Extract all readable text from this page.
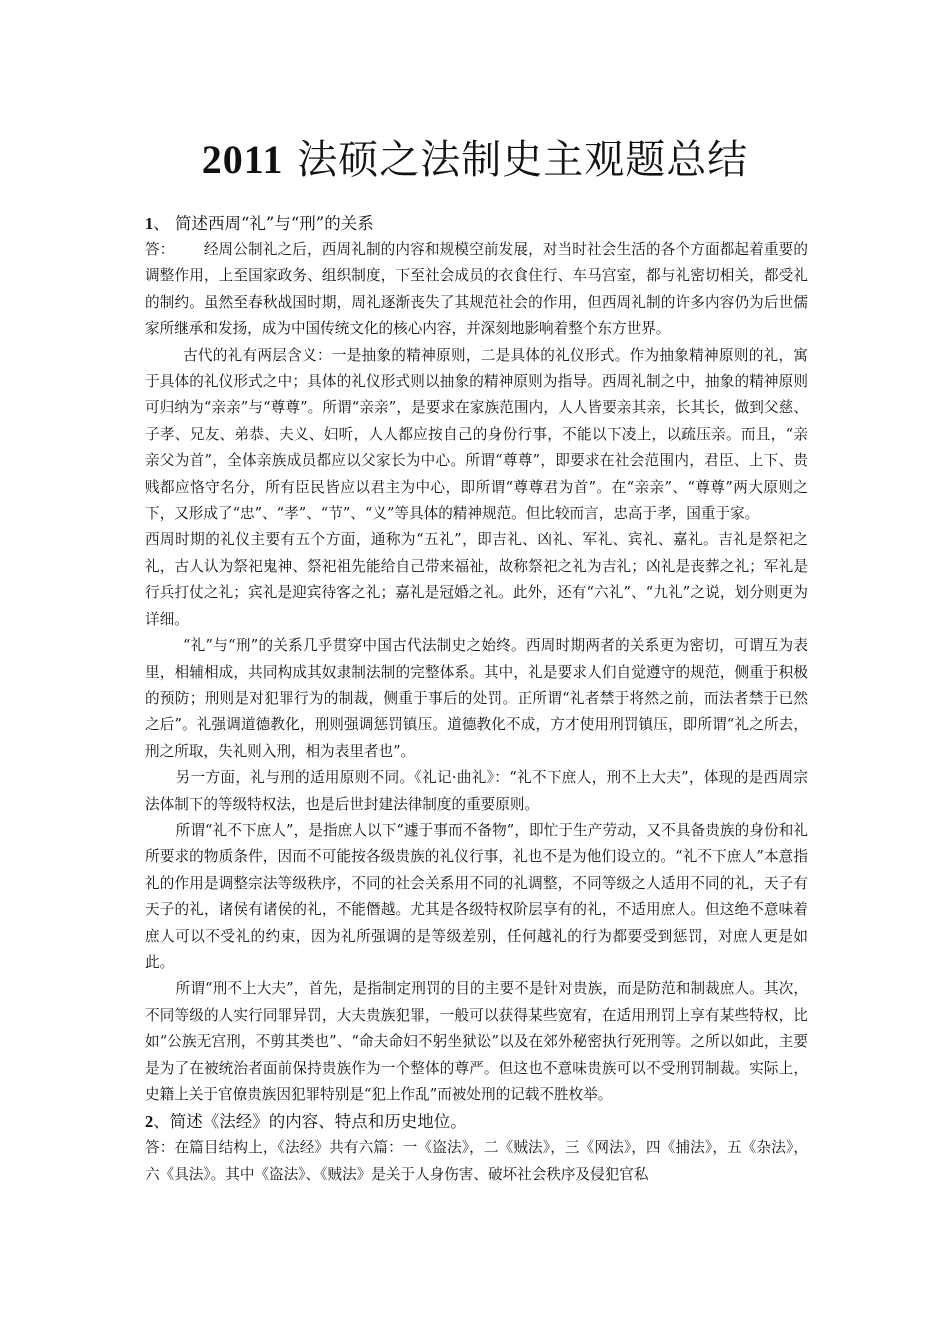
2011 法硕之法制史主观题总结

1、 简述西周“礼”与“刑”的关系

答： 经周公制礼之后，西周礼制的内容和规模空前发展，对当时社会生活的各个方面都起着重要的调整作用，上至国家政务、组织制度，下至社会成员的衣食住行、车马宫室，都与礼密切相关，都受礼的制约。虽然至春秋战国时期，周礼逐渐丧失了其规范社会的作用，但西周礼制的许多内容仍为后世儒家所继承和发扬，成为中国传统文化的核心内容，并深刻地影响着整个东方世界。

古代的礼有两层含义：一是抽象的精神原则，二是具体的礼仪形式。作为抽象精神原则的礼，寓于具体的礼仪形式之中；具体的礼仪形式则以抽象的精神原则为指导。西周礼制之中，抽象的精神原则可归纳为“亲亲”与“尊尊”。所谓“亲亲”，是要求在家族范围内，人人皆要亲其亲，长其长，做到父慈、子孝、兄友、弟恭、夫义、妇听，人人都应按自己的身份行事，不能以下凌上，以疏压亲。而且，“亲亲父为首”，全体亲族成员都应以父家长为中心。所谓“尊尊”，即要求在社会范围内，君臣、上下、贵贱都应恪守名分，所有臣民皆应以君主为中心，即所谓“尊尊君为首”。在“亲亲”、“尊尊”两大原则之下，又形成了“忠”、“孝”、“节”、“义”等具体的精神规范。但比较而言，忠高于孝，国重于家。

西周时期的礼仪主要有五个方面，通称为“五礼”，即吉礼、凶礼、军礼、宾礼、嘉礼。吉礼是祭祀之礼，古人认为祭祀鬼神、祭祀祖先能给自己带来福祉，故称祭祀之礼为吉礼；凶礼是丧葬之礼；军礼是行兵打仗之礼；宾礼是迎宾待客之礼；嘉礼是冠婚之礼。此外，还有“六礼”、“九礼”之说，划分则更为详细。

“礼”与“刑”的关系几乎贯穿中国古代法制史之始终。西周时期两者的关系更为密切，可谓互为表里，相辅相成，共同构成其奴隶制法制的完整体系。其中，礼是要求人们自觉遵守的规范，侧重于积极的预防；刑则是对犯罪行为的制裁，侧重于事后的处罚。正所谓“礼者禁于将然之前，而法者禁于已然之后”。礼强调道德教化，刑则强调惩罚镇压。道德教化不成，方才使用刑罚镇压，即所谓“礼之所去，刑之所取，失礼则入刑，相为表里者也”。

另一方面，礼与刑的适用原则不同。《礼记·曲礼》：“礼不下庶人，刑不上大夫”，体现的是西周宗法体制下的等级特权法，也是后世封建法律制度的重要原则。

所谓“礼不下庶人”，是指庶人以下“遽于事而不备物”，即忙于生产劳动，又不具备贵族的身份和礼所要求的物质条件，因而不可能按各级贵族的礼仪行事，礼也不是为他们设立的。“礼不下庶人”本意指礼的作用是调整宗法等级秩序，不同的社会关系用不同的礼调整，不同等级之人适用不同的礼，天子有天子的礼，诸侯有诸侯的礼，不能僭越。尤其是各级特权阶层享有的礼，不适用庶人。但这绝不意味着庶人可以不受礼的约束，因为礼所强调的是等级差别，任何越礼的行为都要受到惩罚，对庶人更是如此。

所谓“刑不上大夫”，首先，是指制定刑罚的目的主要不是针对贵族，而是防范和制裁庶人。其次，不同等级的人实行同罪异罚，大夫贵族犯罪，一般可以获得某些宽宥，在适用刑罚上享有某些特权，比如“公族无宫刑，不剪其类也”、“命夫命妇不躬坐狱讼”以及在郊外秘密执行死刑等。之所以如此，主要是为了在被统治者面前保持贵族作为一个整体的尊严。但这也不意味贵族可以不受刑罚制裁。实际上，史籍上关于官僚贵族因犯罪特别是“犯上作乱”而被处刑的记载不胜枚举。

2、简述《法经》的内容、特点和历史地位。

答：在篇目结构上，《法经》共有六篇：一《盗法》，二《贼法》，三《网法》，四《捕法》，五《杂法》，六《具法》。其中《盗法》、《贼法》是关于人身伤害、破坏社会秩序及侵犯官私
